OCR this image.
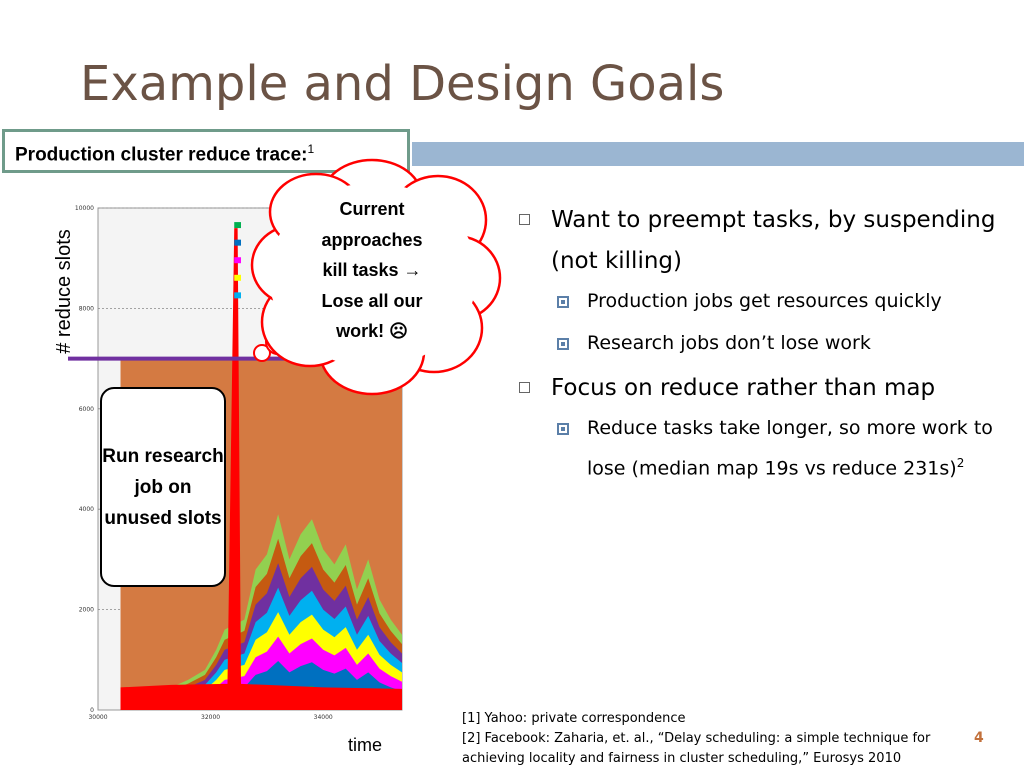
Example and Design Goals
Production cluster reduce trace:$^1$
# reduce slots
0
2000
4000
6000
8000
10000
30000	32000	34000
time
Run research job on unused slots
Current
approaches
kill tasks →
Lose all our
work! ☹
Want to preempt tasks, by suspending (not killing)
Production jobs get resources quickly
Research jobs don’t lose work
Focus on reduce rather than map
Reduce tasks take longer, so more work to lose (median map 19s vs reduce 231s)$^2$
[1] Yahoo: private correspondence
[2] Facebook: Zaharia, et. al., “Delay scheduling: a simple technique for
achieving locality and fairness in cluster scheduling,” Eurosys 2010
4
